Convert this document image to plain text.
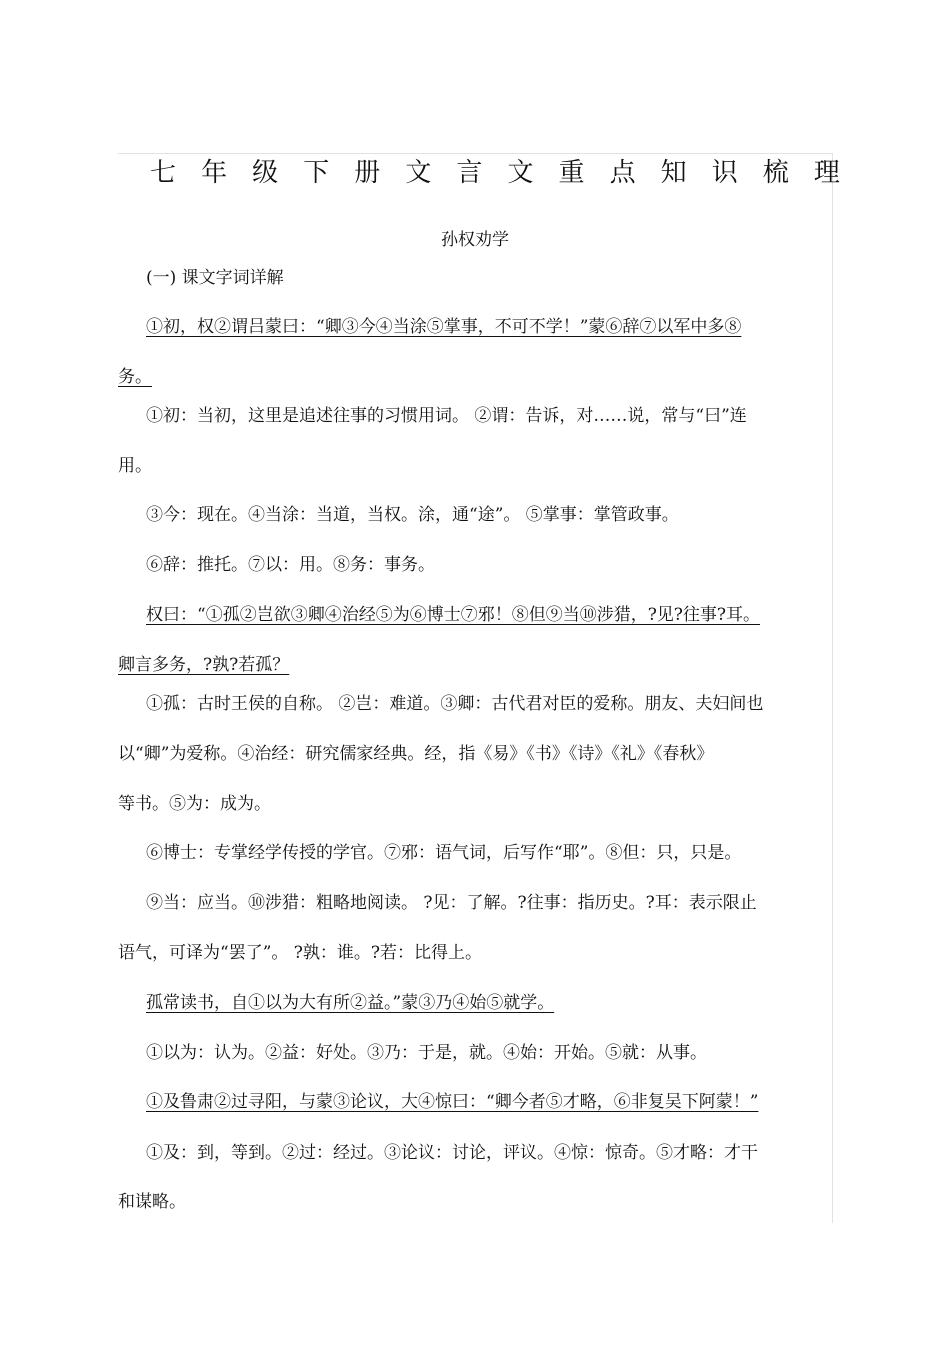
七 年 级 下 册 文 言 文 重 点 知 识 梳 理
孙权劝学
(一) 课文字词详解
①初，权②谓吕蒙曰：“卿③今④当涂⑤掌事，不可不学！”蒙⑥辞⑦以军中多⑧
务。
①初：当初，这里是追述往事的习惯用词。 ②谓：告诉，对……说，常与“曰”连
用。
③今：现在。④当涂：当道，当权。涂，通“途”。 ⑤掌事：掌管政事。
⑥辞：推托。⑦以：用。⑧务：事务。
权曰：“①孤②岂欲③卿④治经⑤为⑥博士⑦邪！⑧但⑨当⑩涉猎，?见?往事?耳。
卿言多务，?孰?若孤？
①孤：古时王侯的自称。 ②岂：难道。③卿：古代君对臣的爱称。朋友、夫妇间也
以“卿”为爱称。④治经：研究儒家经典。经，指《易》《书》《诗》《礼》《春秋》
等书。⑤为：成为。
⑥博士：专掌经学传授的学官。⑦邪：语气词，后写作“耶”。⑧但：只，只是。
⑨当：应当。⑩涉猎：粗略地阅读。 ?见：了解。?往事：指历史。?耳：表示限止
语气，可译为“罢了”。 ?孰：谁。?若：比得上。
孤常读书，自①以为大有所②益。”蒙③乃④始⑤就学。
①以为：认为。②益：好处。③乃：于是，就。④始：开始。⑤就：从事。
①及鲁肃②过寻阳，与蒙③论议，大④惊曰：“卿今者⑤才略，⑥非复吴下阿蒙！”
①及：到，等到。②过：经过。③论议：讨论，评议。④惊：惊奇。⑤才略：才干
和谋略。
